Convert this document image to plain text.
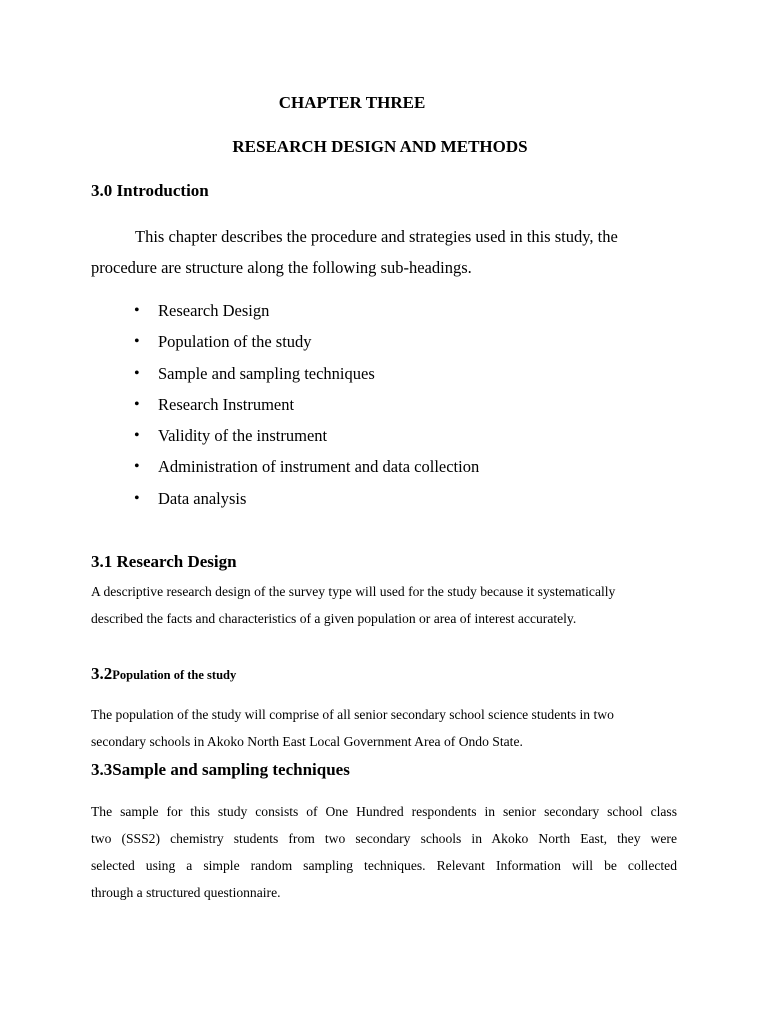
CHAPTER THREE

RESEARCH DESIGN AND METHODS

3.0 Introduction

This chapter describes the procedure and strategies used in this study, the
procedure are structure along the following sub-headings.
• Research Design
• Population of the study
• Sample and sampling techniques
• Research Instrument
• Validity of the instrument
• Administration of instrument and data collection
• Data analysis

3.1 Research Design

A descriptive research design of the survey type will used for the study because it systematically
described the facts and characteristics of a given population or area of interest accurately.

3.2Population of the study

The population of the study will comprise of all senior secondary school science students in two
secondary schools in Akoko North East Local Government Area of Ondo State.

3.3Sample and sampling techniques

The sample for this study consists of One Hundred respondents in senior secondary school class
two (SSS2) chemistry students from two secondary schools in Akoko North East, they were
selected using a simple random sampling techniques. Relevant Information will be collected
through a structured questionnaire.
